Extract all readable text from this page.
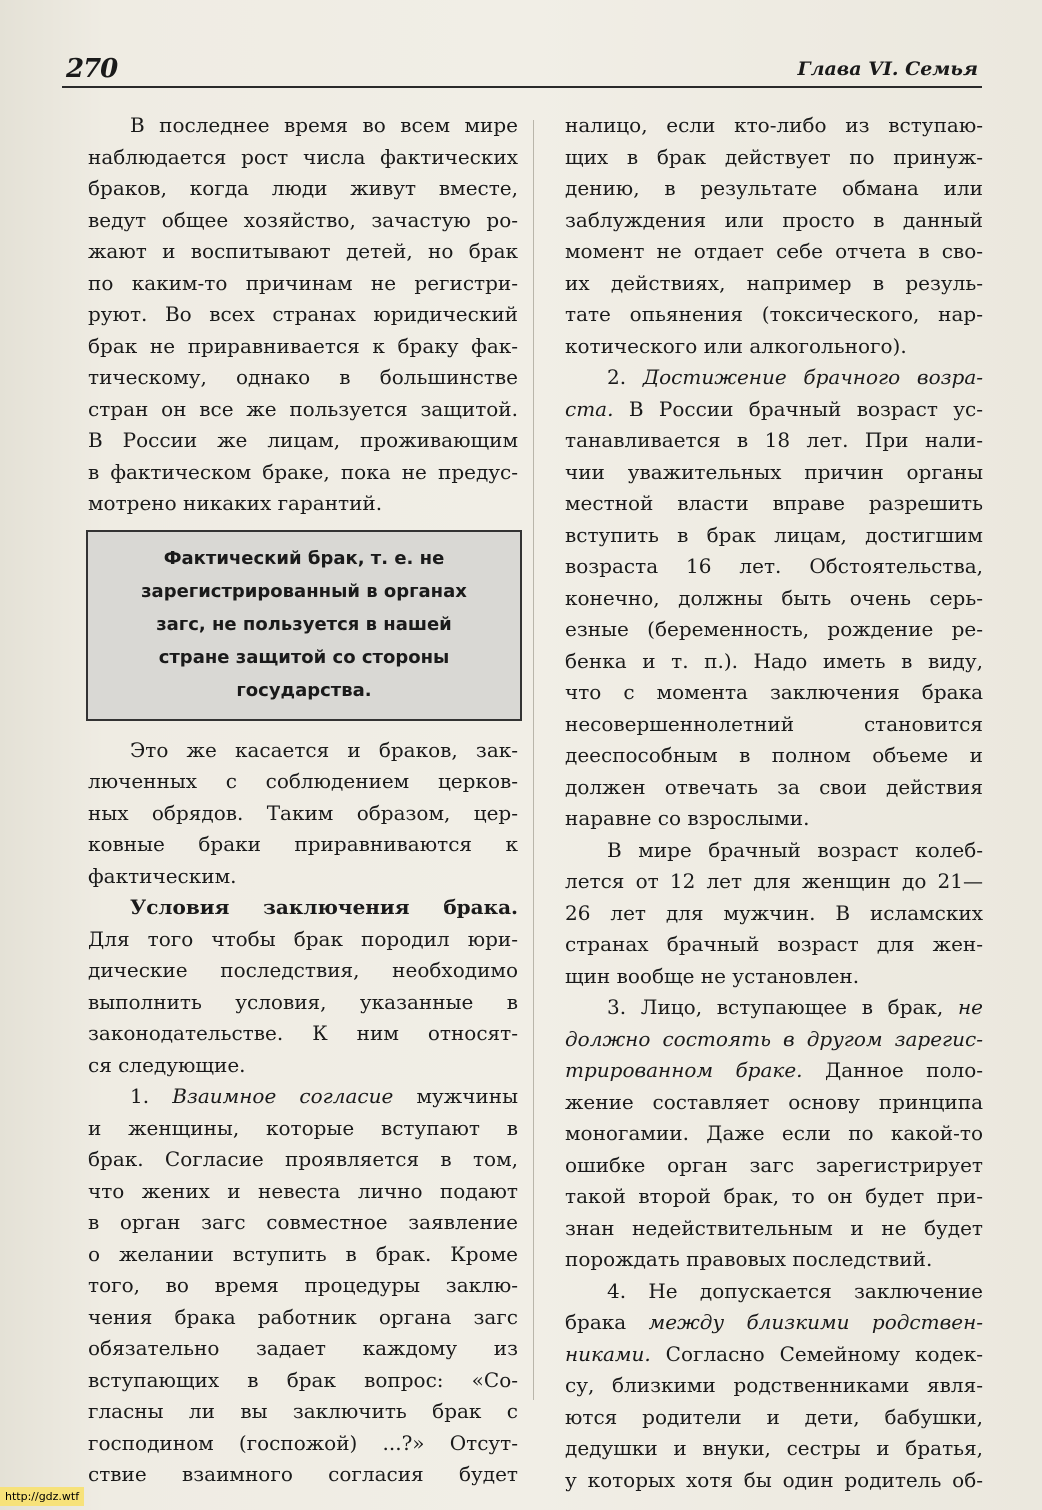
270	Глава VI. Семья
В последнее время во всем мире
наблюдается рост числа фактических
браков, когда люди живут вместе,
ведут общее хозяйство, зачастую ро-
жают и воспитывают детей, но брак
по каким-то причинам не регистри-
руют. Во всех странах юридический
брак не приравнивается к браку фак-
тическому, однако в большинстве
стран он все же пользуется защитой.
В России же лицам, проживающим
в фактическом браке, пока не предус-
мотрено никаких гарантий.
Фактический брак, т. е. не
зарегистрированный в органах
загс, не пользуется в нашей
стране защитой со стороны
государства.
Это же касается и браков, зак-
люченных с соблюдением церков-
ных обрядов. Таким образом, цер-
ковные браки приравниваются к
фактическим.
Условия заключения брака.
Для того чтобы брак породил юри-
дические последствия, необходимо
выполнить условия, указанные в
законодательстве. К ним относят-
ся следующие.
1. Взаимное согласие мужчины
и женщины, которые вступают в
брак. Согласие проявляется в том,
что жених и невеста лично подают
в орган загс совместное заявление
о желании вступить в брак. Кроме
того, во время процедуры заклю-
чения брака работник органа загс
обязательно задает каждому из
вступающих в брак вопрос: «Со-
гласны ли вы заключить брак с
господином (госпожой) ...?» Отсут-
ствие взаимного согласия будет
налицо, если кто-либо из вступаю-
щих в брак действует по принуж-
дению, в результате обмана или
заблуждения или просто в данный
момент не отдает себе отчета в сво-
их действиях, например в резуль-
тате опьянения (токсического, нар-
котического или алкогольного).
2. Достижение брачного возра-
ста. В России брачный возраст ус-
танавливается в 18 лет. При нали-
чии уважительных причин органы
местной власти вправе разрешить
вступить в брак лицам, достигшим
возраста 16 лет. Обстоятельства,
конечно, должны быть очень серь-
езные (беременность, рождение ре-
бенка и т. п.). Надо иметь в виду,
что с момента заключения брака
несовершеннолетний становится
дееспособным в полном объеме и
должен отвечать за свои действия
наравне со взрослыми.
В мире брачный возраст колеб-
лется от 12 лет для женщин до 21—
26 лет для мужчин. В исламских
странах брачный возраст для жен-
щин вообще не установлен.
3. Лицо, вступающее в брак, не
должно состоять в другом зарегис-
трированном браке. Данное поло-
жение составляет основу принципа
моногамии. Даже если по какой-то
ошибке орган загс зарегистрирует
такой второй брак, то он будет при-
знан недействительным и не будет
порождать правовых последствий.
4. Не допускается заключение
брака между близкими родствен-
никами. Согласно Семейному кодек-
су, близкими родственниками явля-
ются родители и дети, бабушки,
дедушки и внуки, сестры и братья,
у которых хотя бы один родитель об-
http://gdz.wtf
